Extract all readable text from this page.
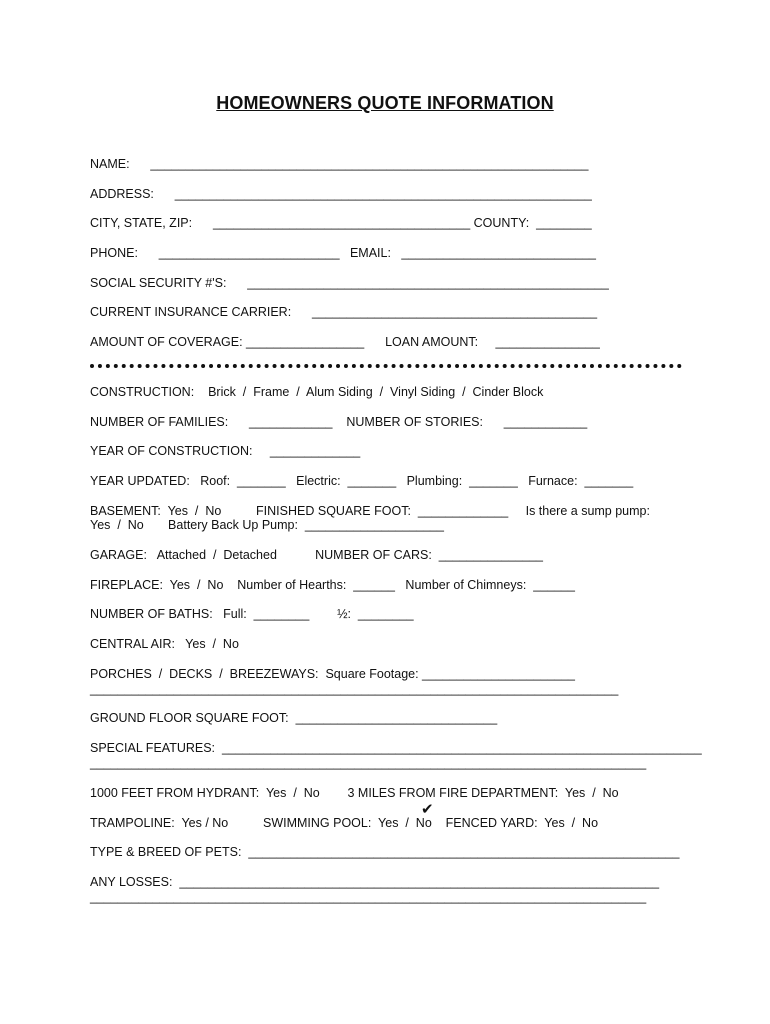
HOMEOWNERS QUOTE INFORMATION
NAME:      _______________________________________________________________
ADDRESS:      ____________________________________________________________
CITY, STATE, ZIP:      _____________________________________ COUNTY:  ________
PHONE:      __________________________   EMAIL:   ____________________________
SOCIAL SECURITY #'S:      ____________________________________________________
CURRENT INSURANCE CARRIER:      _________________________________________
AMOUNT OF COVERAGE: _________________      LOAN AMOUNT:     _______________
CONSTRUCTION:    Brick  /  Frame  /  Alum Siding  /  Vinyl Siding  /  Cinder Block
NUMBER OF FAMILIES:      ____________    NUMBER OF STORIES:      ____________
YEAR OF CONSTRUCTION:     _____________
YEAR UPDATED:   Roof:  _______   Electric:  _______   Plumbing:  _______   Furnace:  _______
BASEMENT:  Yes  /  No          FINISHED SQUARE FOOT:  _____________     Is there a sump pump:
Yes  /  No       Battery Back Up Pump:  ____________________
GARAGE:   Attached  /  Detached           NUMBER OF CARS:  _______________
FIREPLACE:  Yes  /  No    Number of Hearths:  ______   Number of Chimneys:  ______
NUMBER OF BATHS:   Full:  ________        ½:  ________
CENTRAL AIR:   Yes  /  No
PORCHES  /  DECKS  /  BREEZEWAYS:  Square Footage: ______________________
____________________________________________________________________________
GROUND FLOOR SQUARE FOOT:  _____________________________
SPECIAL FEATURES:  _____________________________________________________________________
________________________________________________________________________________
1000 FEET FROM HYDRANT:  Yes  /  No        3 MILES FROM FIRE DEPARTMENT:  Yes  /  No
✔
TRAMPOLINE:  Yes / No          SWIMMING POOL:  Yes  /  No    FENCED YARD:  Yes  /  No
TYPE & BREED OF PETS:  ______________________________________________________________
ANY LOSSES:  _____________________________________________________________________
________________________________________________________________________________
